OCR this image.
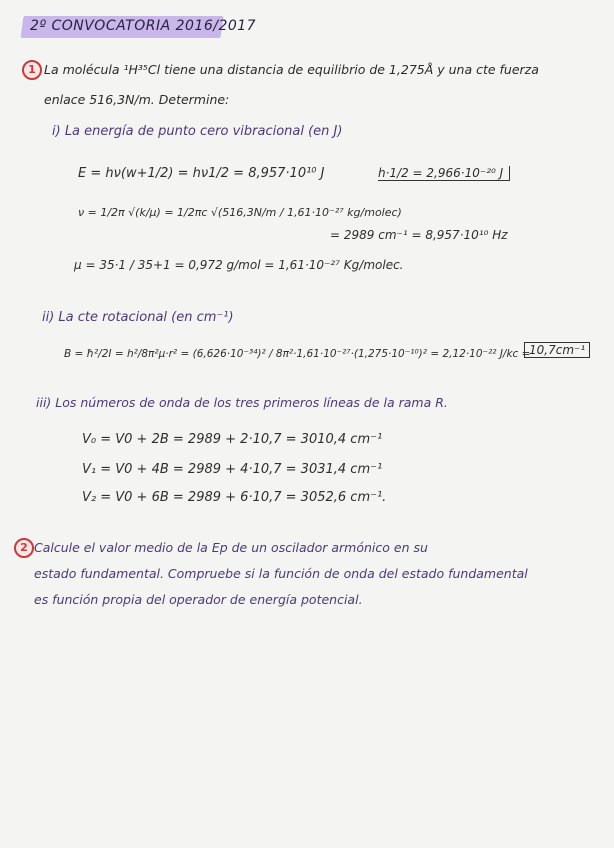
2º CONVOCATORIA 2016/2017
1 La molécula ¹H³⁵Cl tiene una distancia de equilibrio de 1,275Å y una cte fuerza
enlace 516,3N/m. Determine:
i) La energía de punto cero vibracional (en J)
E = hν(w+1/2) = hν1/2 = 8,957·10¹⁰ J	h·1/2 = 2,966·10⁻²⁰ J
ν = 1/2π √(k/μ) = 1/2πc √(516,3N/m / 1,61·10⁻²⁷ kg/molec)
= 2989 cm⁻¹ = 8,957·10¹⁰ Hz
μ = 35·1 / 35+1 = 0,972 g/mol = 1,61·10⁻²⁷ Kg/molec.
ii) La cte rotacional (en cm⁻¹)
B = ħ²/2I = h²/8π²μ·r² = (6,626·10⁻³⁴)² / 8π²·1,61·10⁻²⁷·(1,275·10⁻¹⁰)² = 2,12·10⁻²² J/kc =
10,7cm⁻¹
iii) Los números de onda de los tres primeros líneas de la rama R.
V₀ = V0 + 2B = 2989 + 2·10,7 = 3010,4 cm⁻¹
V₁ = V0 + 4B = 2989 + 4·10,7 = 3031,4 cm⁻¹
V₂ = V0 + 6B = 2989 + 6·10,7 = 3052,6 cm⁻¹.
2 Calcule el valor medio de la Ep de un oscilador armónico en su
estado fundamental. Compruebe si la función de onda del estado fundamental
es función propia del operador de energía potencial.
